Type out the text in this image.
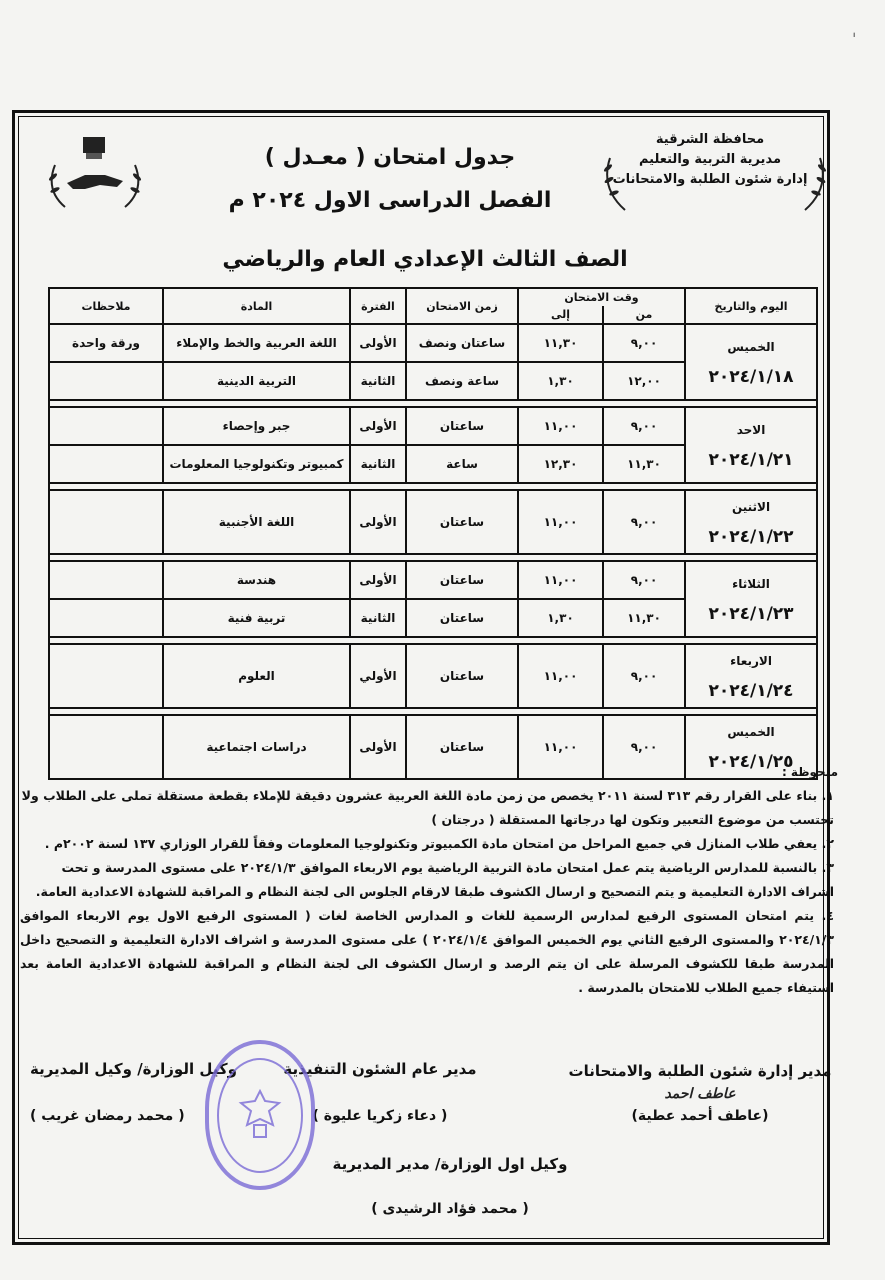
ˈ
محافظة الشرقية
مديرية التربية والتعليم
إدارة شئون الطلبة والامتحانات
جدول امتحان ( معـدل )
الفصل الدراسى الاول ٢٠٢٤ م
الصف الثالث الإعدادي العام والرياضي
اليوم والتاريخ	وقت الامتحان		زمن الامتحان	الفترة	المادة	ملاحظات
	من	إلى				

الخميس
٢٠٢٤/١/١٨	٩,٠٠	١١,٣٠	ساعتان ونصف	الأولى	اللغة العربية والخط والإملاء	ورقة واحدة
	١٢,٠٠	١,٣٠	ساعة ونصف	الثانية	التربية الدينية	

الاحد
٢٠٢٤/١/٢١	٩,٠٠	١١,٠٠	ساعتان	الأولى	جبر وإحصاء	
	١١,٣٠	١٢,٣٠	ساعة	الثانية	كمبيوتر وتكنولوجيا المعلومات	

الاثنين
٢٠٢٤/١/٢٢	٩,٠٠	١١,٠٠	ساعتان	الأولى	اللغة الأجنبية	

الثلاثاء
٢٠٢٤/١/٢٣	٩,٠٠	١١,٠٠	ساعتان	الأولى	هندسة	
	١١,٣٠	١,٣٠	ساعتان	الثانية	تربية فنية	

الاربعاء
٢٠٢٤/١/٢٤	٩,٠٠	١١,٠٠	ساعتان	الأولي	العلوم	

الخميس
٢٠٢٤/١/٢٥	٩,٠٠	١١,٠٠	ساعتان	الأولى	دراسات اجتماعية	
ملحوظة :

١. بناء على القرار رقم ٣١٣ لسنة ٢٠١١ يخصص من زمن مادة اللغة العربية عشرون دقيقة للإملاء بقطعة مستقلة تملى على الطلاب ولا تحتسب من موضوع التعبير وتكون لها درجاتها المستقلة ( درجتان )

٢. يعفي طلاب المنازل في جميع المراحل من امتحان مادة الكمبيوتر وتكنولوجيا المعلومات وفقاً للقرار الوزاري ١٣٧ لسنة ٢٠٠٢م .

٣. بالنسبة للمدارس الرياضية يتم عمل امتحان مادة التربية الرياضية يوم الاربعاء الموافق ٢٠٢٤/١/٣ على مستوى المدرسة و تحت اشراف الادارة التعليمية و يتم التصحيح و ارسال الكشوف طبقا لارقام الجلوس الى لجنة النظام و المراقبة للشهادة الاعدادية العامة.

٤. يتم امتحان المستوى الرفيع لمدارس الرسمية للغات و المدارس الخاصة لغات ( المستوى الرفيع الاول يوم الاربعاء الموافق ٢٠٢٤/١/٣ والمستوى الرفيع الثاني يوم الخميس الموافق ٢٠٢٤/١/٤ ) على مستوى المدرسة و اشراف الادارة التعليمية و التصحيح داخل المدرسة طبقا للكشوف المرسلة على ان يتم الرصد و ارسال الكشوف الى لجنة النظام و المراقبة للشهادة الاعدادية العامة بعد استيفاء جميع الطلاب للامتحان بالمدرسة .

مدير إدارة شئون الطلبة والامتحانات
عاطف احمد
(عاطف أحمد عطية)
مدير عام الشئون التنفيذية
( دعاء زكريا عليوة )
وكيل الوزارة/ وكيل المديرية
( محمد رمضان غريب )
وكيل اول الوزارة/ مدير المديرية
( محمد فؤاد الرشيدى )
